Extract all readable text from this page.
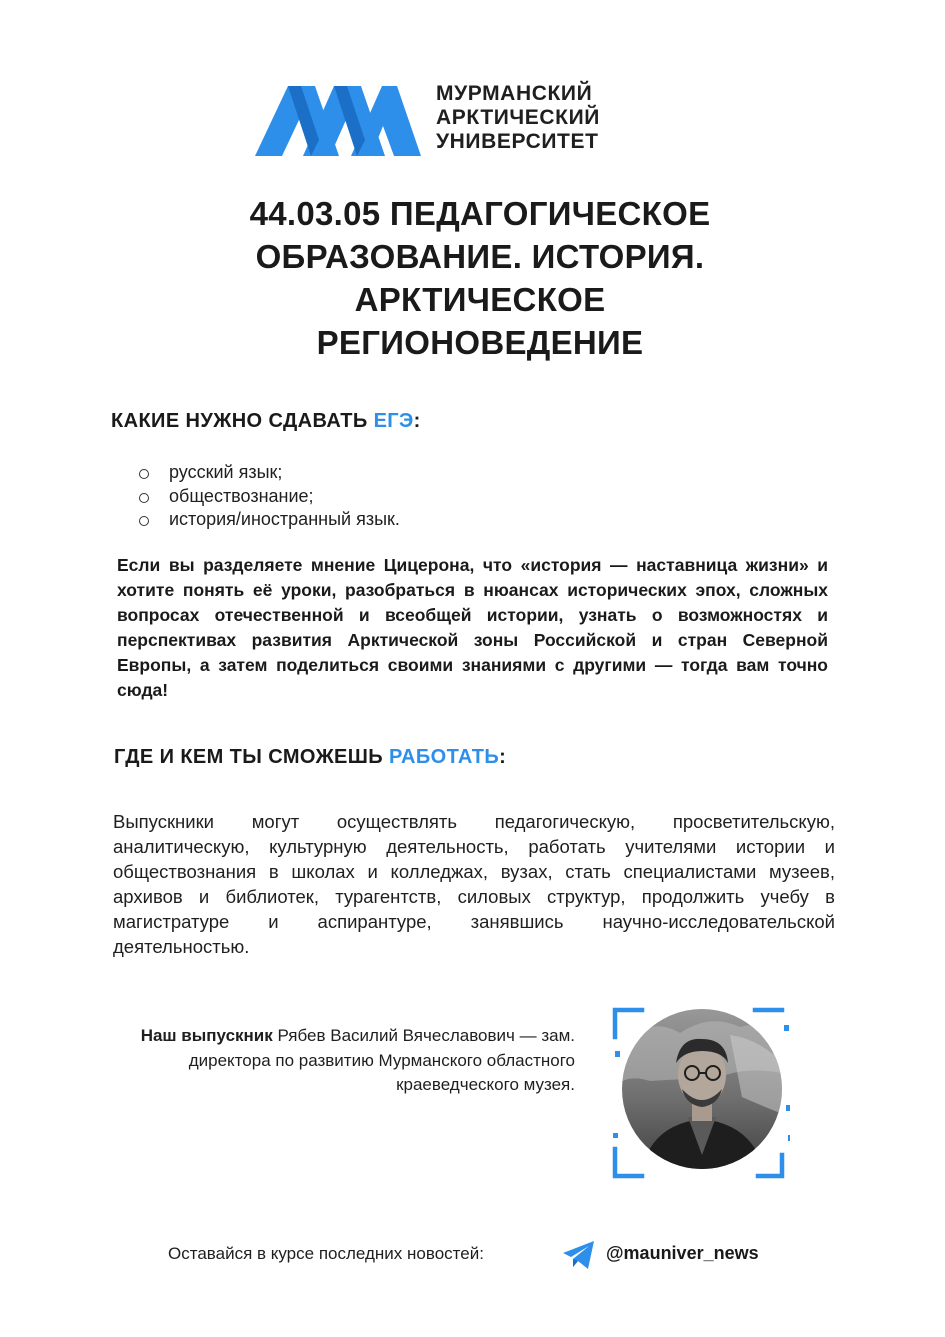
МУРМАНСКИЙ
АРКТИЧЕСКИЙ
УНИВЕРСИТЕТ
44.03.05 ПЕДАГОГИЧЕСКОЕ
ОБРАЗОВАНИЕ. ИСТОРИЯ.
АРКТИЧЕСКОЕ
РЕГИОНОВЕДЕНИЕ
КАКИЕ НУЖНО СДАВАТЬ ЕГЭ:
русский язык;
обществознание;
история/иностранный язык.
Если вы разделяете мнение Цицерона, что «история — наставница жизни» и хотите понять её уроки, разобраться в нюансах исторических эпох, сложных вопросах отечественной и всеобщей истории, узнать о возможностях и перспективах развития Арктической зоны Российской и стран Северной Европы, а затем поделиться своими знаниями с другими — тогда вам точно сюда!
ГДЕ И КЕМ ТЫ СМОЖЕШЬ РАБОТАТЬ:
Выпускники могут осуществлять педагогическую, просветительскую, аналитическую, культурную деятельность, работать учителями истории и обществознания в школах и колледжах, вузах, стать специалистами музеев, архивов и библиотек, турагентств, силовых структур, продолжить учебу в магистратуре и аспирантуре, занявшись научно-исследовательской деятельностью.
Наш выпускник Рябев Василий Вячеславович — зам. директора по развитию Мурманского областного краеведческого музея.
Оставайся в курсе последних новостей:	@mauniver_news
